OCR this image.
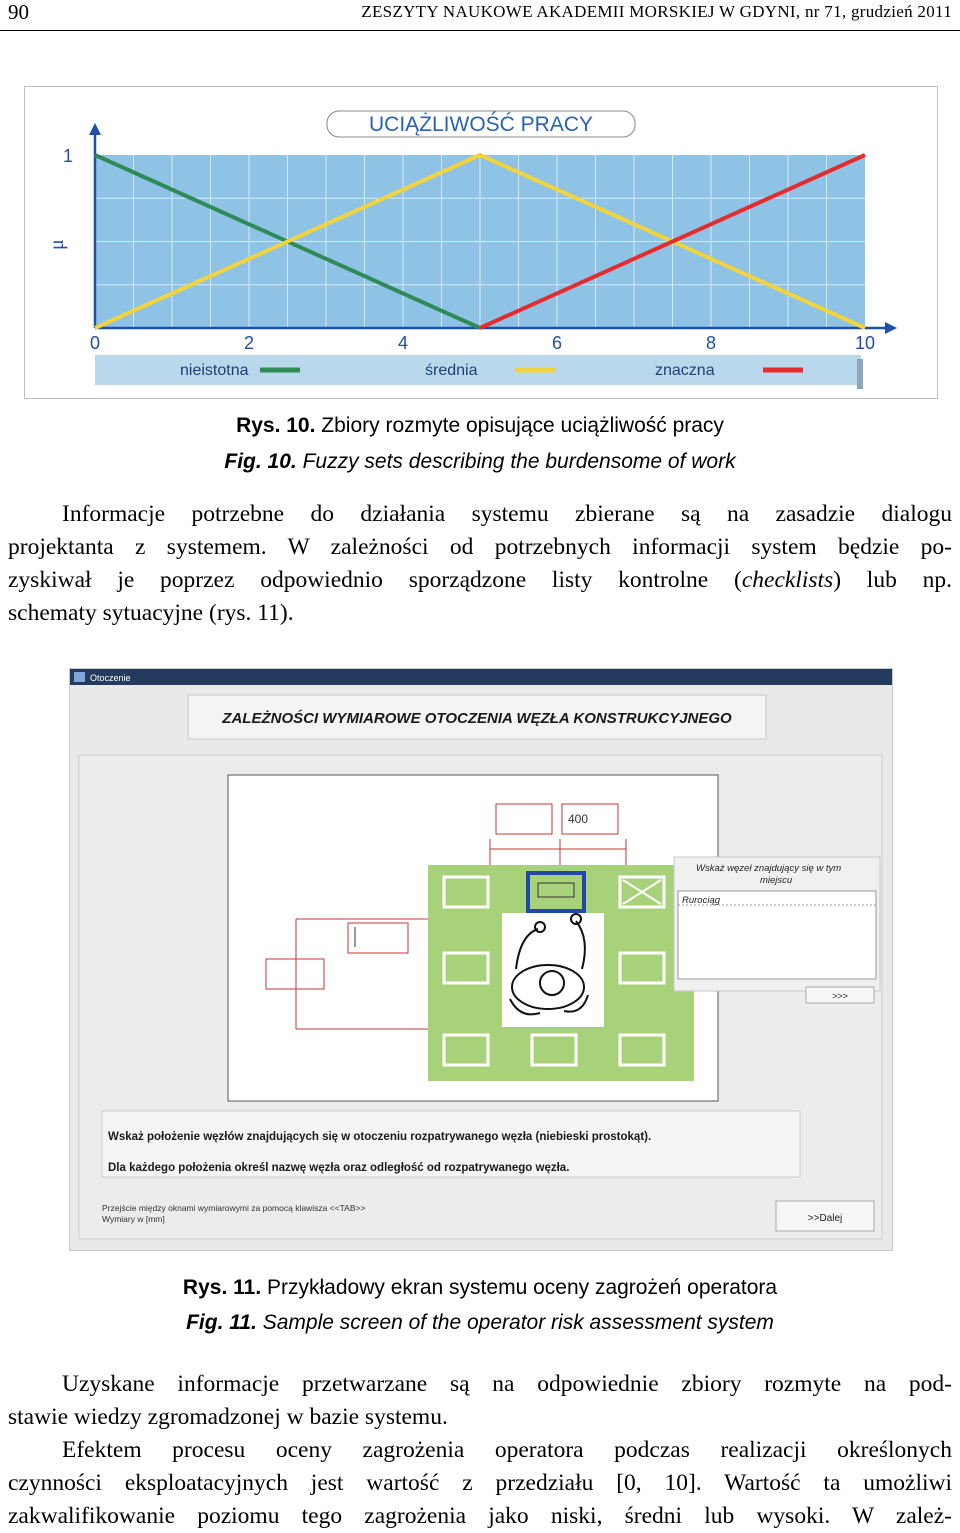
90	ZESZYTY NAUKOWE AKADEMII MORSKIEJ W GDYNI, nr 71, grudzień 2011
UCIĄŻLIWOŚĆ PRACY
1
μ
0	2	4	6	8	10
nieistotna	średnia	znaczna
Rys. 10. Zbiory rozmyte opisujące uciążliwość pracy
Fig. 10. Fuzzy sets describing the burdensome of work
Informacje potrzebne do działania systemu zbierane są na zasadzie dialogu
projektanta z systemem. W zależności od potrzebnych informacji system będzie po-
zyskiwał je poprzez odpowiednio sporządzone listy kontrolne (checklists) lub np.
schematy sytuacyjne (rys. 11).
Otoczenie
ZALEŻNOŚCI WYMIAROWE OTOCZENIA WĘZŁA KONSTRUKCYJNEGO
400
Wskaż węzeł znajdujący się w tym
miejscu
Rurociąg
>>>
Wskaż położenie węzłów znajdujących się w otoczeniu rozpatrywanego węzła (niebieski prostokąt).
Dla każdego położenia określ nazwę węzła oraz odległość od rozpatrywanego węzła.
Przejście między oknami wymiarowymi za pomocą klawisza <<TAB>>
Wymiary w [mm]	>>Dalej
Rys. 11. Przykładowy ekran systemu oceny zagrożeń operatora
Fig. 11. Sample screen of the operator risk assessment system
Uzyskane informacje przetwarzane są na odpowiednie zbiory rozmyte na pod-
stawie wiedzy zgromadzonej w bazie systemu.
Efektem procesu oceny zagrożenia operatora podczas realizacji określonych
czynności eksploatacyjnych jest wartość z przedziału [0, 10]. Wartość ta umożliwi
zakwalifikowanie poziomu tego zagrożenia jako niski, średni lub wysoki. W zależ-
